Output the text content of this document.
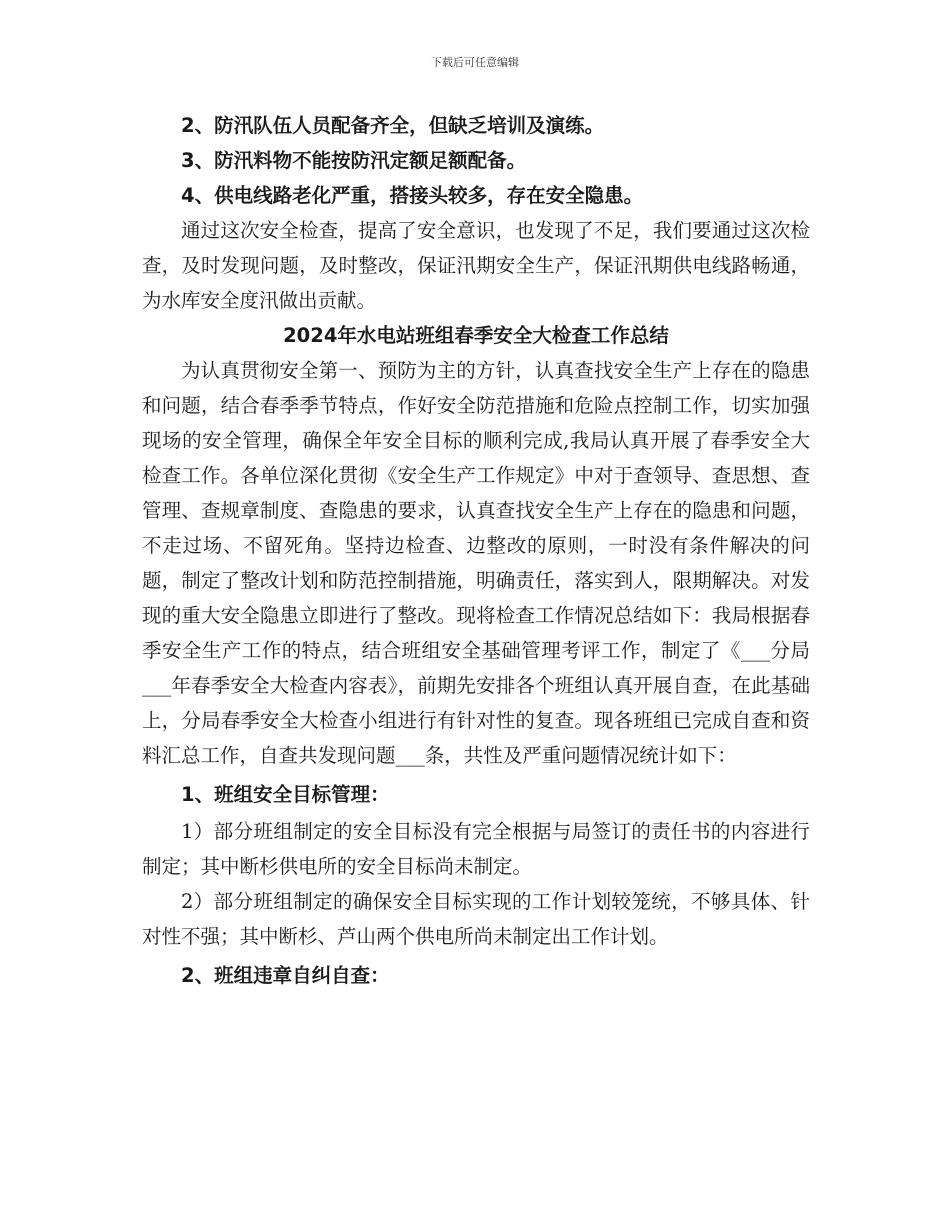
下载后可任意编辑

2、防汛队伍人员配备齐全，但缺乏培训及演练。

3、防汛料物不能按防汛定额足额配备。

4、供电线路老化严重，搭接头较多，存在安全隐患。

通过这次安全检查，提高了安全意识，也发现了不足，我们要通过这次检查，及时发现问题，及时整改，保证汛期安全生产，保证汛期供电线路畅通，为水库安全度汛做出贡献。

2024年水电站班组春季安全大检查工作总结

为认真贯彻安全第一、预防为主的方针，认真查找安全生产上存在的隐患和问题，结合春季季节特点，作好安全防范措施和危险点控制工作，切实加强现场的安全管理，确保全年安全目标的顺利完成,我局认真开展了春季安全大检查工作。各单位深化贯彻《安全生产工作规定》中对于查领导、查思想、查管理、查规章制度、查隐患的要求，认真查找安全生产上存在的隐患和问题，不走过场、不留死角。坚持边检查、边整改的原则，一时没有条件解决的问题，制定了整改计划和防范控制措施，明确责任，落实到人，限期解决。对发现的重大安全隐患立即进行了整改。现将检查工作情况总结如下：我局根据春季安全生产工作的特点，结合班组安全基础管理考评工作，制定了《___分局___年春季安全大检查内容表》，前期先安排各个班组认真开展自查，在此基础上，分局春季安全大检查小组进行有针对性的复查。现各班组已完成自查和资料汇总工作，自查共发现问题___条，共性及严重问题情况统计如下：

1、班组安全目标管理：

1）部分班组制定的安全目标没有完全根据与局签订的责任书的内容进行制定；其中断杉供电所的安全目标尚未制定。

2）部分班组制定的确保安全目标实现的工作计划较笼统，不够具体、针对性不强；其中断杉、芦山两个供电所尚未制定出工作计划。

2、班组违章自纠自查：
